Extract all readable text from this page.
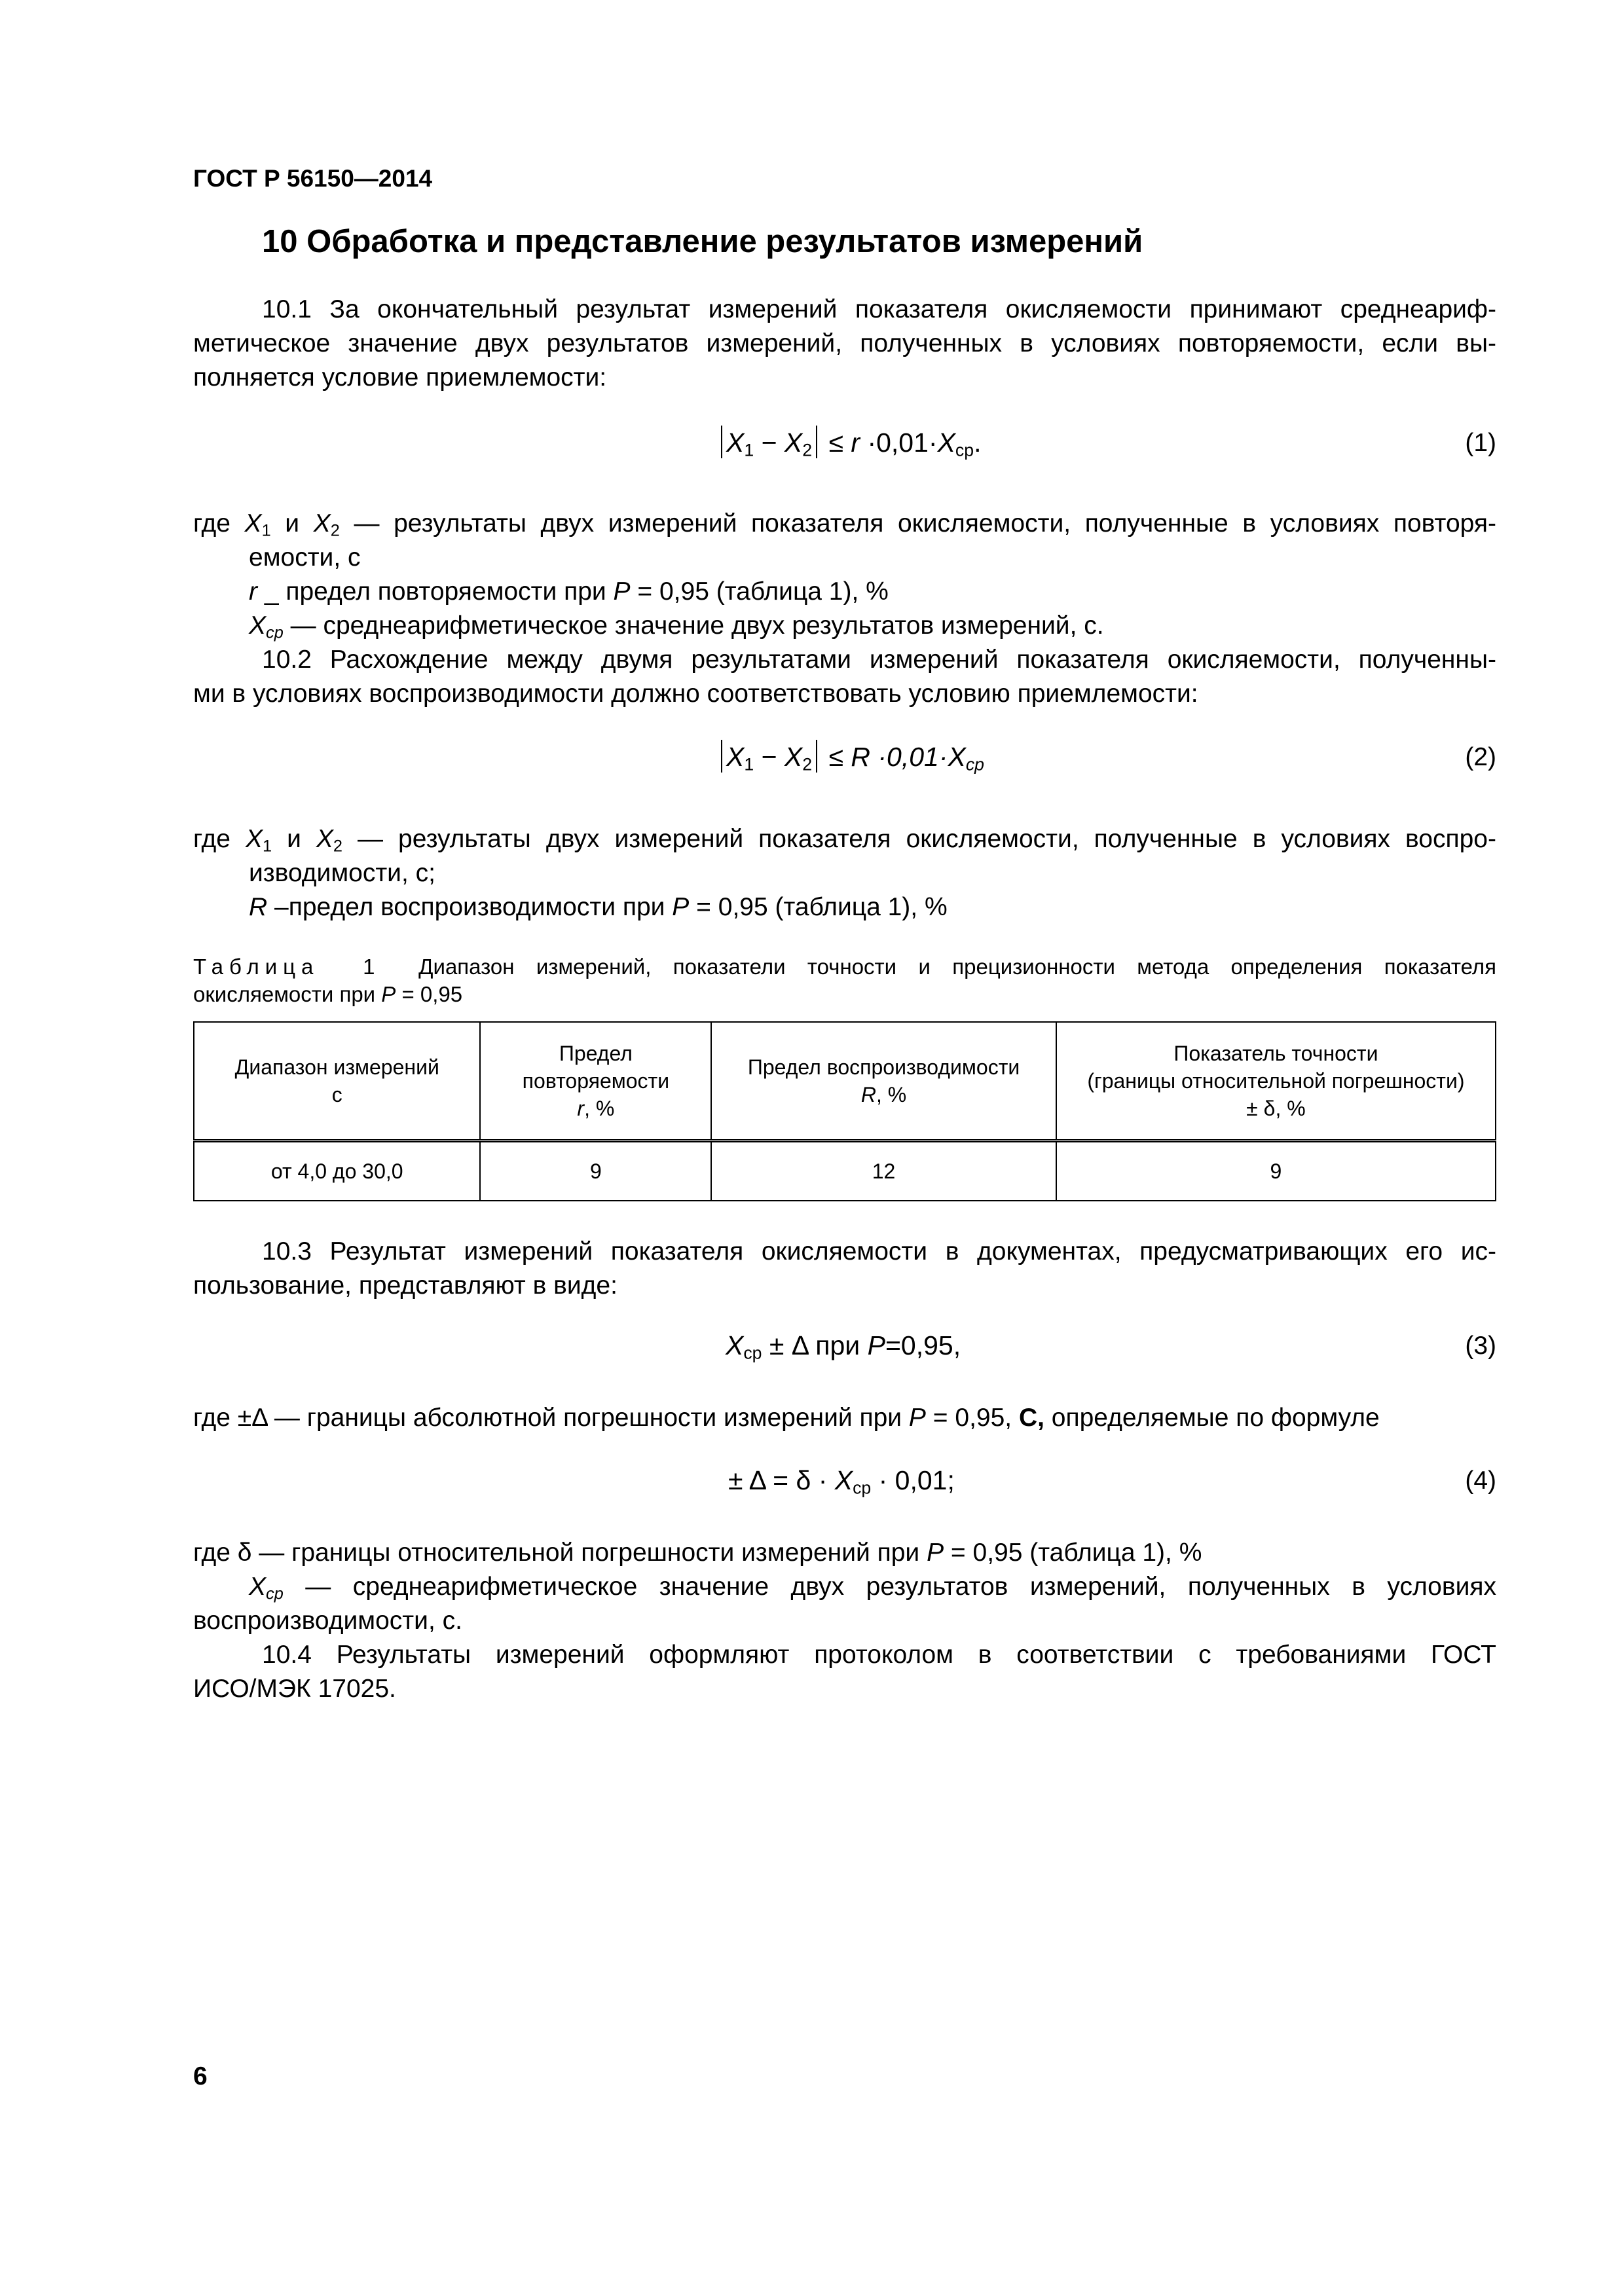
ГОСТ Р 56150—2014
10 Обработка и представление результатов измерений
10.1 За окончательный результат измерений показателя окисляемости принимают среднеариф-
метическое значение двух результатов измерений, полученных в условиях повторяемости, если вы-
полняется условие приемлемости:
$X_1 - X_2 \le r \cdot 0,01\cdot X_{ср}$.	(1)
где $X_1$ и $X_2$ — результаты двух измерений показателя окисляемости, полученные в условиях повторя-
емости, с
r _ предел повторяемости при P = 0,95 (таблица 1), %
$X_{ср}$ — среднеарифметическое значение двух результатов измерений, с.
10.2 Расхождение между двумя результатами измерений показателя окисляемости, полученны-
ми в условиях воспроизводимости должно соответствовать условию приемлемости:
$X_1 - X_2 \le R \cdot 0,01\cdot X_{ср}$	(2)
где $X_1$ и $X_2$ — результаты двух измерений показателя окисляемости, полученные в условиях воспро-
изводимости, с;
R –предел воспроизводимости при P = 0,95 (таблица 1), %
Таблица 1 Диапазон измерений, показатели точности и прецизионности метода определения показателя
окисляемости при P = 0,95
Диапазон измерений
с	Предел
повторяемости
r, %	Предел воспроизводимости
R, %	Показатель точности
(границы относительной погрешности)
± δ, %
от 4,0 до 30,0	9	12	9
10.3 Результат измерений показателя окисляемости в документах, предусматривающих его ис-
пользование, представляют в виде:
$X_{ср} \pm \Delta$ при P=0,95,	(3)
где ±Δ — границы абсолютной погрешности измерений при P = 0,95, С, определяемые по формуле
± $\Delta = \delta \cdot X_{ср} \cdot 0,01$;	(4)
где δ — границы относительной погрешности измерений при P = 0,95 (таблица 1), %
$X_{ср}$ — среднеарифметическое значение двух результатов измерений, полученных в условиях
воспроизводимости, с.
10.4 Результаты измерений оформляют протоколом в соответствии с требованиями ГОСТ
ИСО/МЭК 17025.
6
